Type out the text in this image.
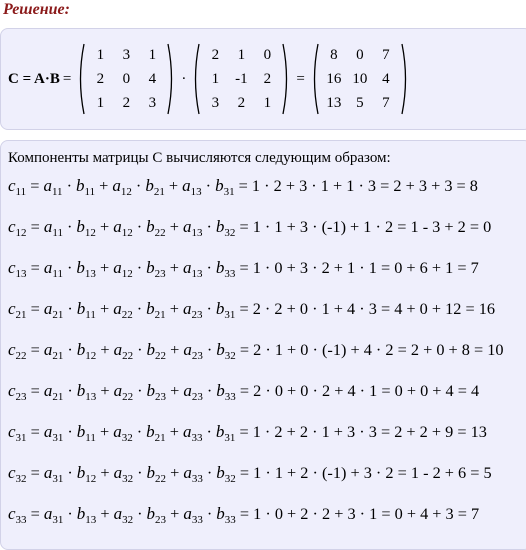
Решение:
C = A·B =
1 3 1
2 0 4
1 2 3
·
2 1 0
1 -1 2
3 2 1
=
8 0 7
16 10 4
13 5 7
Компоненты матрицы C вычисляются следующим образом:
$c_{11} = a_{11} \cdot b_{11} + a_{12} \cdot b_{21} + a_{13} \cdot b_{31} = 1 \cdot 2 + 3 \cdot 1 + 1 \cdot 3 = 2 + 3 + 3 = 8$
$c_{12} = a_{11} \cdot b_{12} + a_{12} \cdot b_{22} + a_{13} \cdot b_{32} = 1 \cdot 1 + 3 \cdot (-1) + 1 \cdot 2 = 1 - 3 + 2 = 0$
$c_{13} = a_{11} \cdot b_{13} + a_{12} \cdot b_{23} + a_{13} \cdot b_{33} = 1 \cdot 0 + 3 \cdot 2 + 1 \cdot 1 = 0 + 6 + 1 = 7$
$c_{21} = a_{21} \cdot b_{11} + a_{22} \cdot b_{21} + a_{23} \cdot b_{31} = 2 \cdot 2 + 0 \cdot 1 + 4 \cdot 3 = 4 + 0 + 12 = 16$
$c_{22} = a_{21} \cdot b_{12} + a_{22} \cdot b_{22} + a_{23} \cdot b_{32} = 2 \cdot 1 + 0 \cdot (-1) + 4 \cdot 2 = 2 + 0 + 8 = 10$
$c_{23} = a_{21} \cdot b_{13} + a_{22} \cdot b_{23} + a_{23} \cdot b_{33} = 2 \cdot 0 + 0 \cdot 2 + 4 \cdot 1 = 0 + 0 + 4 = 4$
$c_{31} = a_{31} \cdot b_{11} + a_{32} \cdot b_{21} + a_{33} \cdot b_{31} = 1 \cdot 2 + 2 \cdot 1 + 3 \cdot 3 = 2 + 2 + 9 = 13$
$c_{32} = a_{31} \cdot b_{12} + a_{32} \cdot b_{22} + a_{33} \cdot b_{32} = 1 \cdot 1 + 2 \cdot (-1) + 3 \cdot 2 = 1 - 2 + 6 = 5$
$c_{33} = a_{31} \cdot b_{13} + a_{32} \cdot b_{23} + a_{33} \cdot b_{33} = 1 \cdot 0 + 2 \cdot 2 + 3 \cdot 1 = 0 + 4 + 3 = 7$
